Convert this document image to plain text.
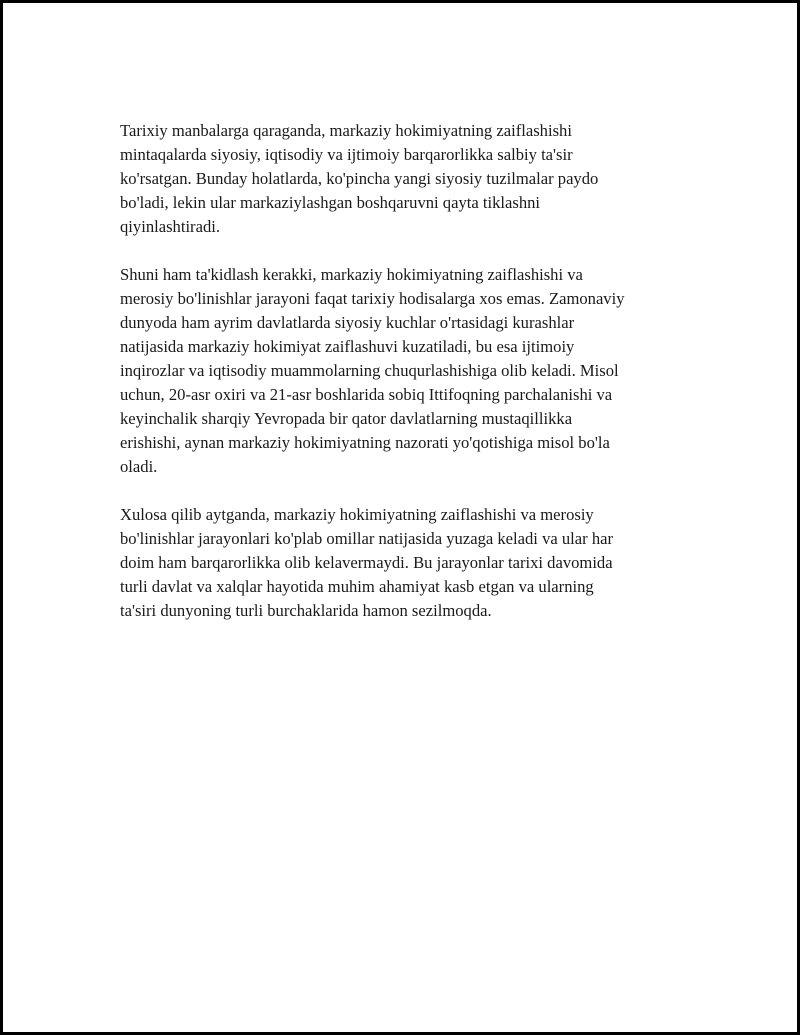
Tarixiy manbalarga qaraganda, markaziy hokimiyatning zaiflashishi
mintaqalarda siyosiy, iqtisodiy va ijtimoiy barqarorlikka salbiy ta'sir
ko'rsatgan. Bunday holatlarda, ko'pincha yangi siyosiy tuzilmalar paydo
bo'ladi, lekin ular markaziylashgan boshqaruvni qayta tiklashni
qiyinlashtiradi.

Shuni ham ta'kidlash kerakki, markaziy hokimiyatning zaiflashishi va
merosiy bo'linishlar jarayoni faqat tarixiy hodisalarga xos emas. Zamonaviy
dunyoda ham ayrim davlatlarda siyosiy kuchlar o'rtasidagi kurashlar
natijasida markaziy hokimiyat zaiflashuvi kuzatiladi, bu esa ijtimoiy
inqirozlar va iqtisodiy muammolarning chuqurlashishiga olib keladi. Misol
uchun, 20-asr oxiri va 21-asr boshlarida sobiq Ittifoqning parchalanishi va
keyinchalik sharqiy Yevropada bir qator davlatlarning mustaqillikka
erishishi, aynan markaziy hokimiyatning nazorati yo'qotishiga misol bo'la
oladi.

Xulosa qilib aytganda, markaziy hokimiyatning zaiflashishi va merosiy
bo'linishlar jarayonlari ko'plab omillar natijasida yuzaga keladi va ular har
doim ham barqarorlikka olib kelavermaydi. Bu jarayonlar tarixi davomida
turli davlat va xalqlar hayotida muhim ahamiyat kasb etgan va ularning
ta'siri dunyoning turli burchaklarida hamon sezilmoqda.
